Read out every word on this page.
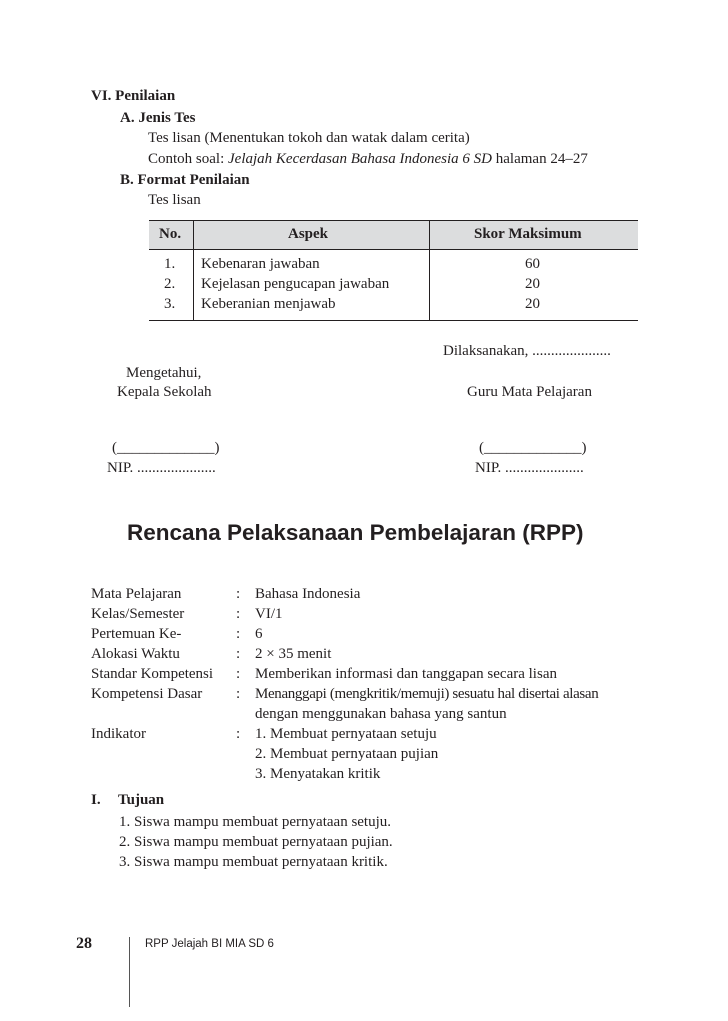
VI. Penilaian
A. Jenis Tes
Tes lisan (Menentukan tokoh dan watak dalam cerita)
Contoh soal: Jelajah Kecerdasan Bahasa Indonesia 6 SD halaman 24–27
B. Format Penilaian
Tes lisan
No.	Aspek	Skor Maksimum
1. Kebenaran jawaban	60
2. Kejelasan pengucapan jawaban	20
3. Keberanian menjawab	20
Dilaksanakan, .....................
Mengetahui,
Kepala Sekolah	Guru Mata Pelajaran
(_____________)	(_____________)
NIP. .....................	NIP. .....................
Rencana Pelaksanaan Pembelajaran (RPP)
Mata Pelajaran	: Bahasa Indonesia
Kelas/Semester	: VI/1
Pertemuan Ke-	: 6
Alokasi Waktu	: 2 × 35 menit
Standar Kompetensi : Memberikan informasi dan tanggapan secara lisan
Kompetensi Dasar : Menanggapi (mengkritik/memuji) sesuatu hal disertai alasan
dengan menggunakan bahasa yang santun
Indikator	: 1. Membuat pernyataan setuju
2. Membuat pernyataan pujian
3. Menyatakan kritik
I. Tujuan
1. Siswa mampu membuat pernyataan setuju.
2. Siswa mampu membuat pernyataan pujian.
3. Siswa mampu membuat pernyataan kritik.
28	RPP Jelajah BI MIA SD 6
